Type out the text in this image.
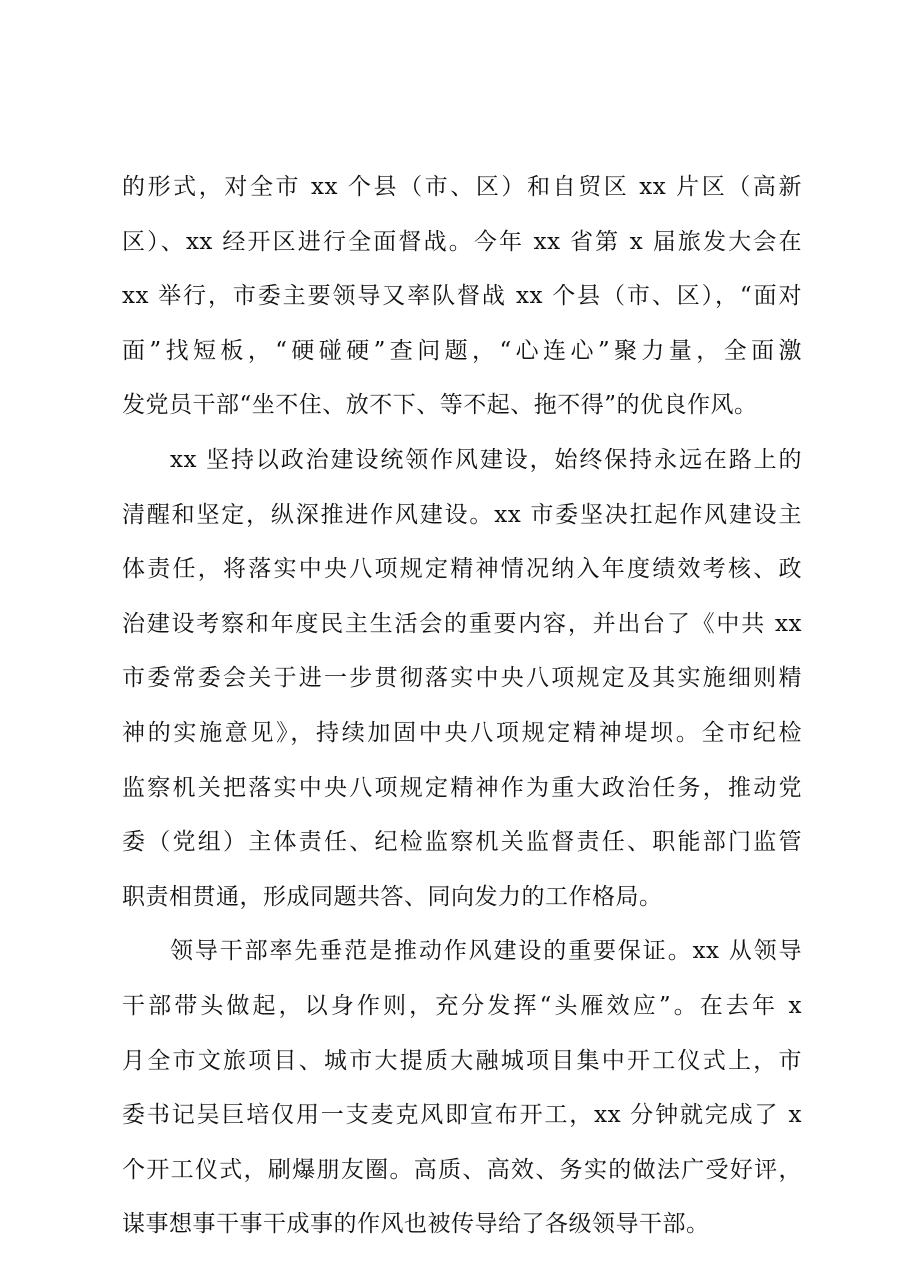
的形式，对全市 xx 个县（市、区）和自贸区 xx 片区（高新
区）、xx 经开区进行全面督战。今年 xx 省第 x 届旅发大会在
xx 举行，市委主要领导又率队督战 xx 个县（市、区），“面对
面”找短板，“硬碰硬”查问题，“心连心”聚力量，全面激
发党员干部“坐不住、放不下、等不起、拖不得”的优良作风。

xx 坚持以政治建设统领作风建设，始终保持永远在路上的
清醒和坚定，纵深推进作风建设。xx 市委坚决扛起作风建设主
体责任，将落实中央八项规定精神情况纳入年度绩效考核、政
治建设考察和年度民主生活会的重要内容，并出台了《中共 xx
市委常委会关于进一步贯彻落实中央八项规定及其实施细则精
神的实施意见》，持续加固中央八项规定精神堤坝。全市纪检
监察机关把落实中央八项规定精神作为重大政治任务，推动党
委（党组）主体责任、纪检监察机关监督责任、职能部门监管
职责相贯通，形成同题共答、同向发力的工作格局。

领导干部率先垂范是推动作风建设的重要保证。xx 从领导
干部带头做起，以身作则，充分发挥“头雁效应”。在去年 x
月全市文旅项目、城市大提质大融城项目集中开工仪式上，市
委书记吴巨培仅用一支麦克风即宣布开工，xx 分钟就完成了 x
个开工仪式，刷爆朋友圈。高质、高效、务实的做法广受好评，
谋事想事干事干成事的作风也被传导给了各级领导干部。
